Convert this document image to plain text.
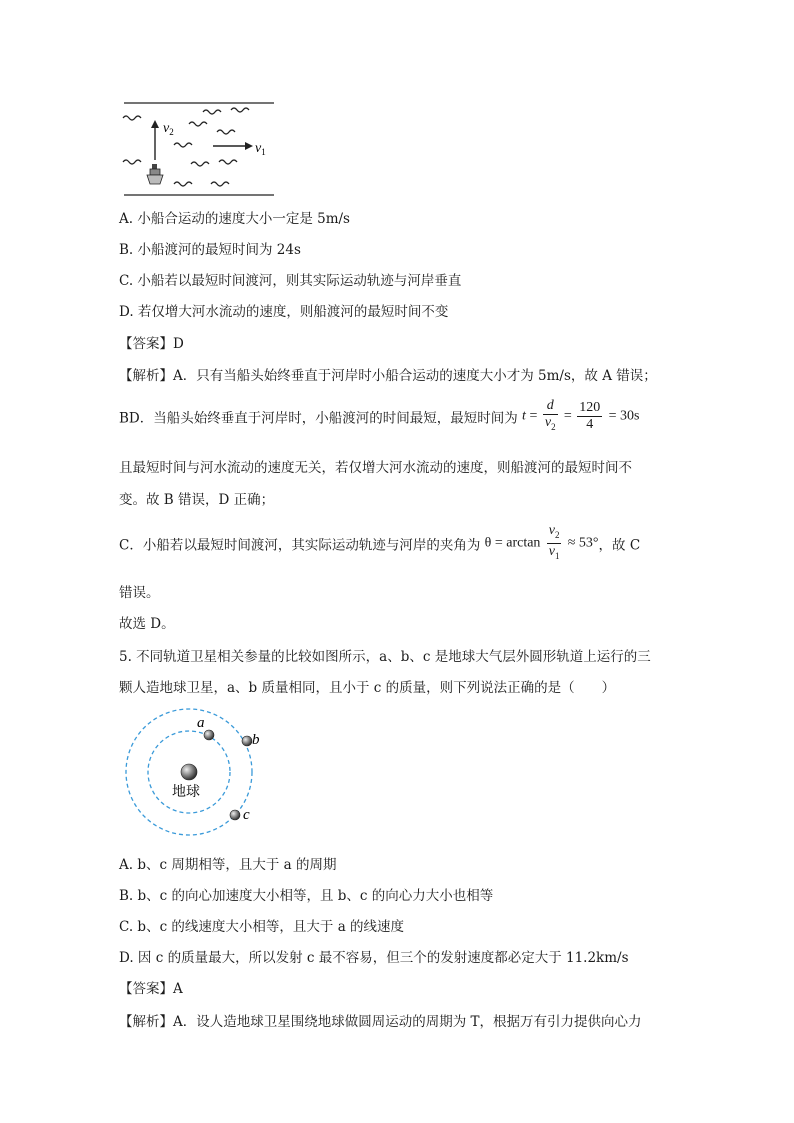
$v_2$
$v_1$
A. 小船合运动的速度大小一定是 5m/s
B. 小船渡河的最短时间为 24s
C. 小船若以最短时间渡河，则其实际运动轨迹与河岸垂直
D. 若仅增大河水流动的速度，则船渡河的最短时间不变
【答案】D
【解析】A．只有当船头始终垂直于河岸时小船合运动的速度大小才为 5m/s，故 A 错误；
BD．当船头始终垂直于河岸时，小船渡河的时间最短，最短时间为 $t = \frac{d}{v_2} = \frac{120}{4} = 30s$
且最短时间与河水流动的速度无关，若仅增大河水流动的速度，则船渡河的最短时间不
变。故 B 错误，D 正确；
C．小船若以最短时间渡河，其实际运动轨迹与河岸的夹角为 $\theta = \arctan \frac{v_2}{v_1} \approx 53^\circ$，故 C
错误。
故选 D。
5. 不同轨道卫星相关参量的比较如图所示，a、b、c 是地球大气层外圆形轨道上运行的三
颗人造地球卫星，a、b 质量相同，且小于 c 的质量，则下列说法正确的是（　　）
地球
a
b
c
A. b、c 周期相等，且大于 a 的周期
B. b、c 的向心加速度大小相等，且 b、c 的向心力大小也相等
C. b、c 的线速度大小相等，且大于 a 的线速度
D. 因 c 的质量最大，所以发射 c 最不容易，但三个的发射速度都必定大于 11.2km/s
【答案】A
【解析】A．设人造地球卫星围绕地球做圆周运动的周期为 T，根据万有引力提供向心力
